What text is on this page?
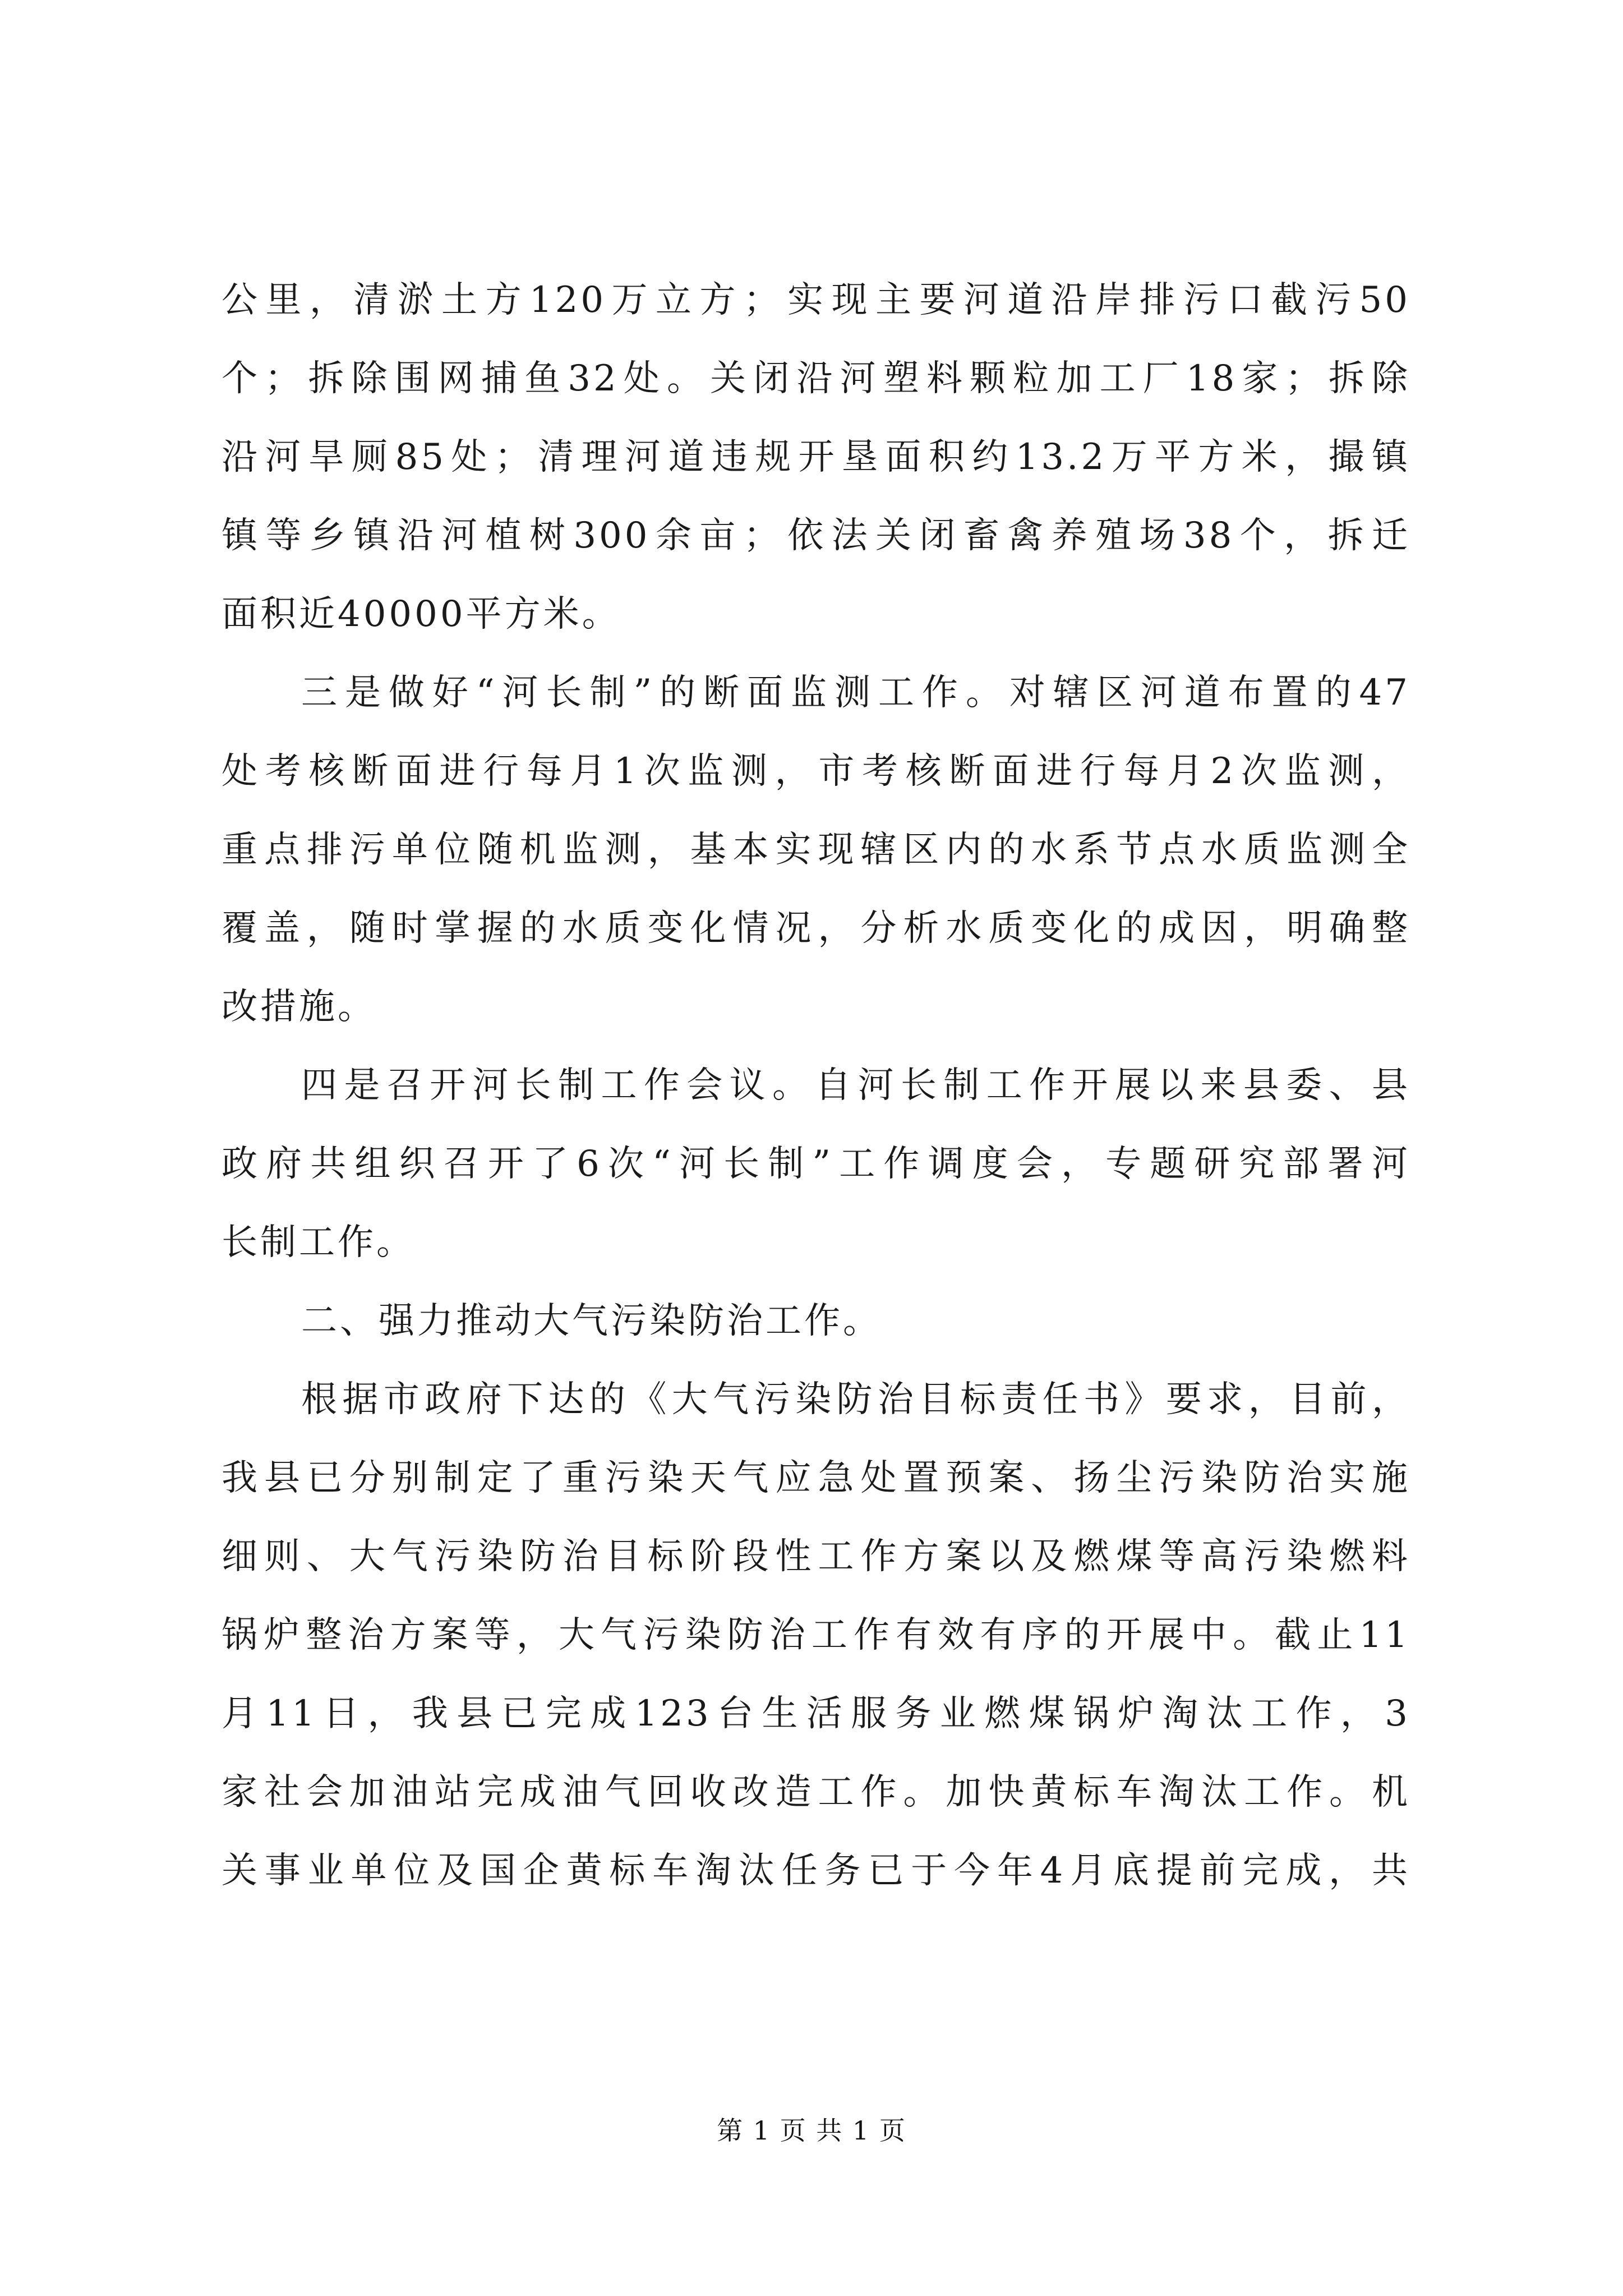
公里，清淤土方120万立方；实现主要河道沿岸排污口截污50
个；拆除围网捕鱼32处。关闭沿河塑料颗粒加工厂18家；拆除
沿河旱厕85处；清理河道违规开垦面积约13.2万平方米，撮镇
镇等乡镇沿河植树300余亩；依法关闭畜禽养殖场38个，拆迁
面积近40000平方米。
三是做好“河长制”的断面监测工作。对辖区河道布置的47
处考核断面进行每月1次监测，市考核断面进行每月2次监测，
重点排污单位随机监测，基本实现辖区内的水系节点水质监测全
覆盖，随时掌握的水质变化情况，分析水质变化的成因，明确整
改措施。
四是召开河长制工作会议。自河长制工作开展以来县委、县
政府共组织召开了6次“河长制”工作调度会，专题研究部署河
长制工作。
二、强力推动大气污染防治工作。
根据市政府下达的《大气污染防治目标责任书》要求，目前，
我县已分别制定了重污染天气应急处置预案、扬尘污染防治实施
细则、大气污染防治目标阶段性工作方案以及燃煤等高污染燃料
锅炉整治方案等，大气污染防治工作有效有序的开展中。截止11
月11日，我县已完成123台生活服务业燃煤锅炉淘汰工作，3
家社会加油站完成油气回收改造工作。加快黄标车淘汰工作。机
关事业单位及国企黄标车淘汰任务已于今年4月底提前完成，共
第 1 页 共 1 页
